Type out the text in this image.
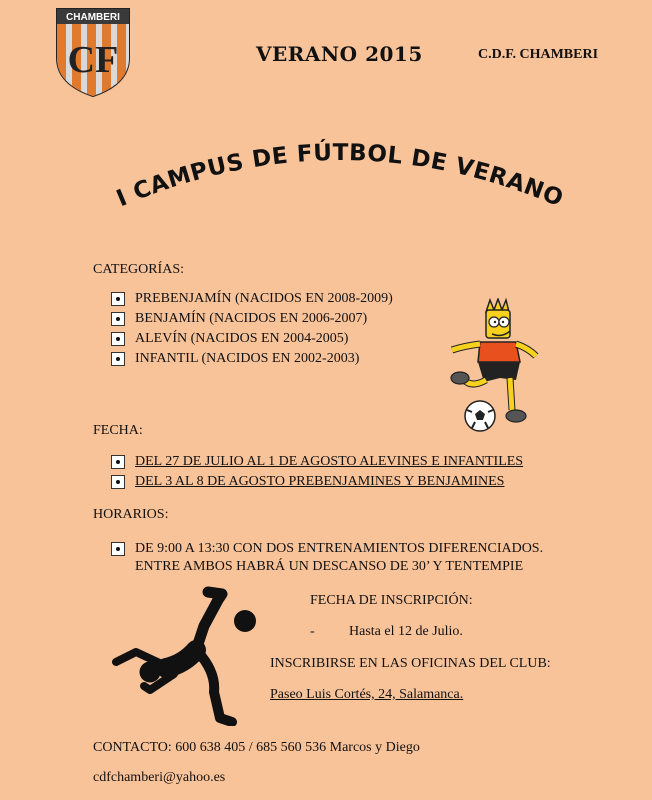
CHAMBERI
CF	VERANO 2015	C.D.F. CHAMBERI
I CAMPUS DE FÚTBOL DE VERANO
CATEGORÍAS:
PREBENJAMÍN (NACIDOS EN 2008-2009)
BENJAMÍN (NACIDOS EN 2006-2007)
ALEVÍN (NACIDOS EN 2004-2005)
INFANTIL (NACIDOS EN 2002-2003)
FECHA:
DEL 27 DE JULIO AL 1 DE AGOSTO ALEVINES E INFANTILES
DEL 3 AL 8 DE AGOSTO PREBENJAMINES Y BENJAMINES
HORARIOS:
DE 9:00 A 13:30 CON DOS ENTRENAMIENTOS DIFERENCIADOS.
ENTRE AMBOS HABRÁ UN DESCANSO DE 30’ Y TENTEMPIE
FECHA DE INSCRIPCIÓN:
- Hasta el 12 de Julio.
INSCRIBIRSE EN LAS OFICINAS DEL CLUB:
Paseo Luis Cortés, 24, Salamanca.
CONTACTO: 600 638 405 / 685 560 536 Marcos y Diego
cdfchamberi@yahoo.es
